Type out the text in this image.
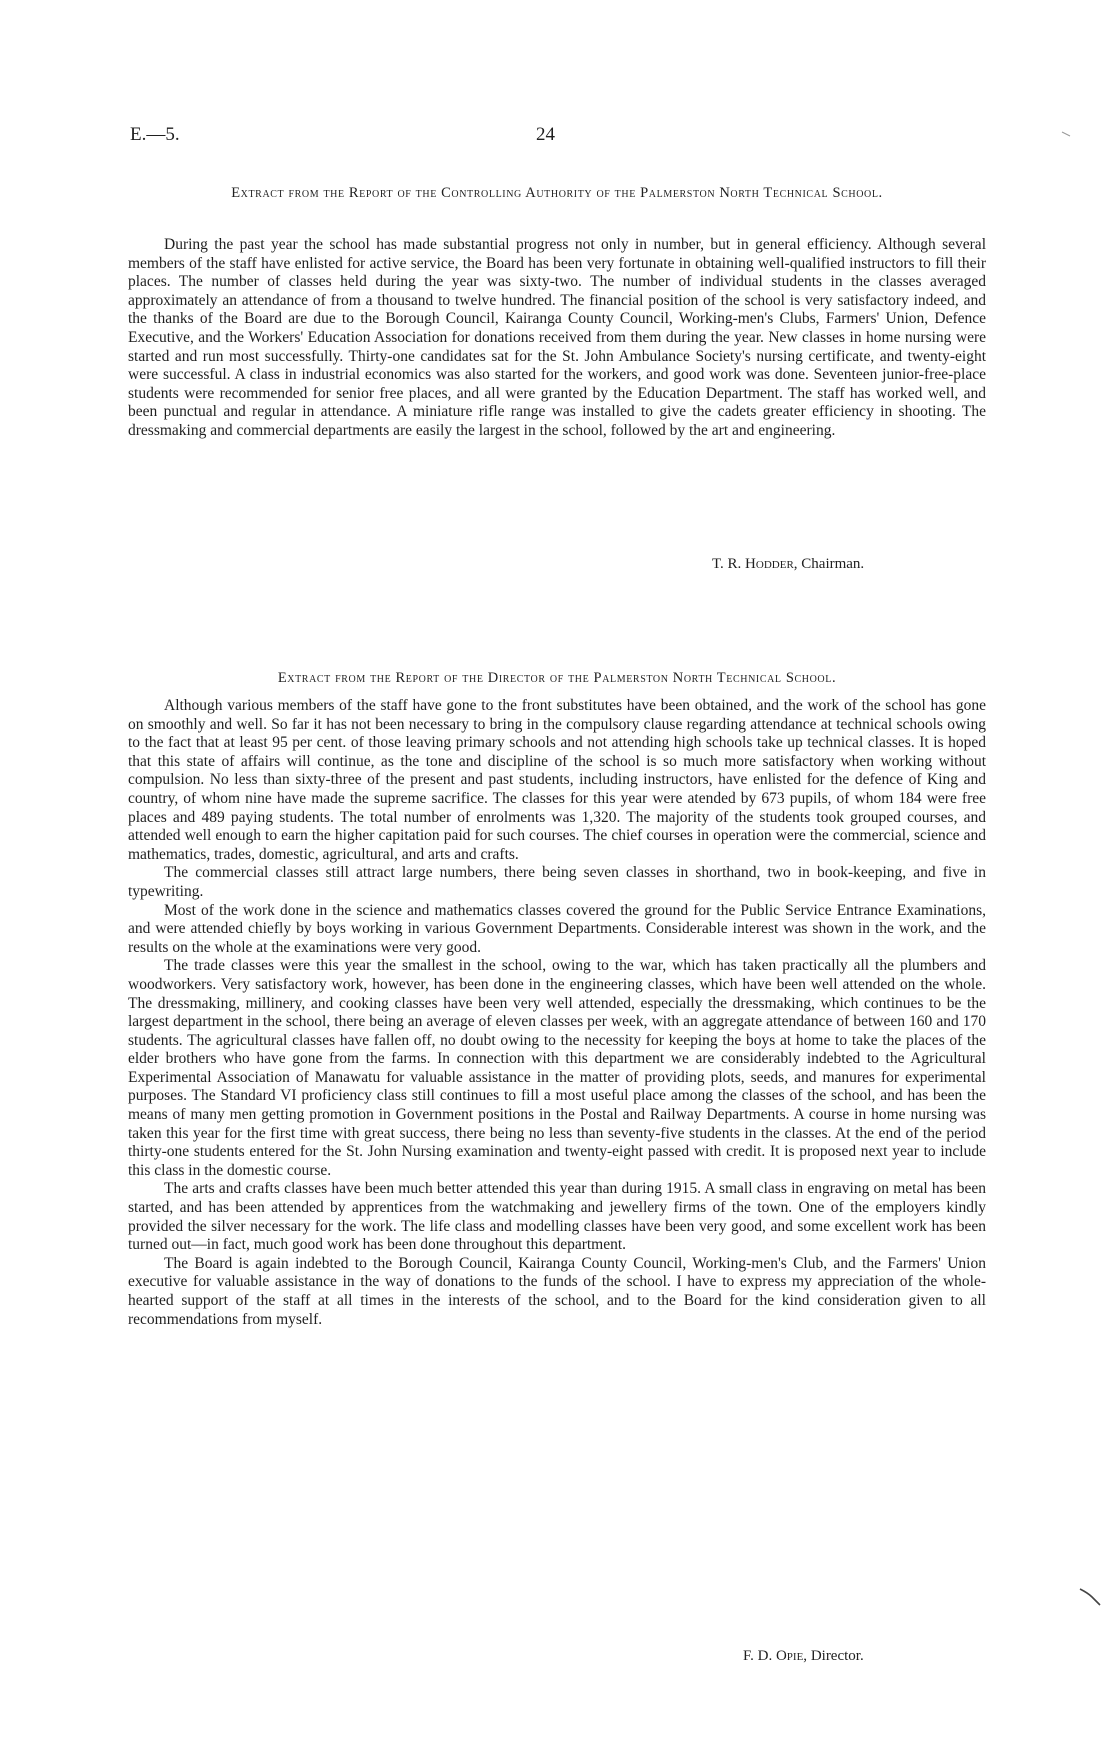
E.—5.	24
Extract from the Report of the Controlling Authority of the Palmerston North Technical School.

During the past year the school has made substantial progress not only in number, but in general efficiency. Although several members of the staff have enlisted for active service, the Board has been very fortunate in obtaining well-qualified instructors to fill their places. The number of classes held during the year was sixty-two. The number of individual students in the classes averaged approximately an attendance of from a thousand to twelve hundred. The financial position of the school is very satisfactory indeed, and the thanks of the Board are due to the Borough Council, Kairanga County Council, Working-men's Clubs, Farmers' Union, Defence Executive, and the Workers' Education Association for donations received from them during the year. New classes in home nursing were started and run most successfully. Thirty-one candidates sat for the St. John Ambulance Society's nursing certificate, and twenty-eight were successful. A class in industrial economics was also started for the workers, and good work was done. Seventeen junior-free-place students were recommended for senior free places, and all were granted by the Education Department. The staff has worked well, and been punctual and regular in attendance. A miniature rifle range was installed to give the cadets greater efficiency in shooting. The dressmaking and commercial departments are easily the largest in the school, followed by the art and engineering.

T. R. Hodder, Chairman.
Extract from the Report of the Director of the Palmerston North Technical School.

Although various members of the staff have gone to the front substitutes have been obtained, and the work of the school has gone on smoothly and well. So far it has not been necessary to bring in the compulsory clause regarding attendance at technical schools owing to the fact that at least 95 per cent. of those leaving primary schools and not attending high schools take up technical classes. It is hoped that this state of affairs will continue, as the tone and discipline of the school is so much more satisfactory when working without compulsion. No less than sixty-three of the present and past students, including instructors, have enlisted for the defence of King and country, of whom nine have made the supreme sacrifice. The classes for this year were atended by 673 pupils, of whom 184 were free places and 489 paying students. The total number of enrolments was 1,320. The majority of the students took grouped courses, and attended well enough to earn the higher capitation paid for such courses. The chief courses in operation were the commercial, science and mathematics, trades, domestic, agricultural, and arts and crafts.

The commercial classes still attract large numbers, there being seven classes in shorthand, two in book-keeping, and five in typewriting.

Most of the work done in the science and mathematics classes covered the ground for the Public Service Entrance Examinations, and were attended chiefly by boys working in various Government Departments. Considerable interest was shown in the work, and the results on the whole at the examinations were very good.

The trade classes were this year the smallest in the school, owing to the war, which has taken practically all the plumbers and woodworkers. Very satisfactory work, however, has been done in the engineering classes, which have been well attended on the whole. The dressmaking, millinery, and cooking classes have been very well attended, especially the dressmaking, which continues to be the largest department in the school, there being an average of eleven classes per week, with an aggregate attendance of between 160 and 170 students. The agricultural classes have fallen off, no doubt owing to the necessity for keeping the boys at home to take the places of the elder brothers who have gone from the farms. In connection with this department we are considerably indebted to the Agricultural Experimental Association of Manawatu for valuable assistance in the matter of providing plots, seeds, and manures for experimental purposes. The Standard VI proficiency class still continues to fill a most useful place among the classes of the school, and has been the means of many men getting promotion in Government positions in the Postal and Railway Departments. A course in home nursing was taken this year for the first time with great success, there being no less than seventy-five students in the classes. At the end of the period thirty-one students entered for the St. John Nursing examination and twenty-eight passed with credit. It is proposed next year to include this class in the domestic course.

The arts and crafts classes have been much better attended this year than during 1915. A small class in engraving on metal has been started, and has been attended by apprentices from the watchmaking and jewellery firms of the town. One of the employers kindly provided the silver necessary for the work. The life class and modelling classes have been very good, and some excellent work has been turned out—in fact, much good work has been done throughout this department.

The Board is again indebted to the Borough Council, Kairanga County Council, Working-men's Club, and the Farmers' Union executive for valuable assistance in the way of donations to the funds of the school. I have to express my appreciation of the whole-hearted support of the staff at all times in the interests of the school, and to the Board for the kind consideration given to all recommendations from myself.

F. D. Opie, Director.
